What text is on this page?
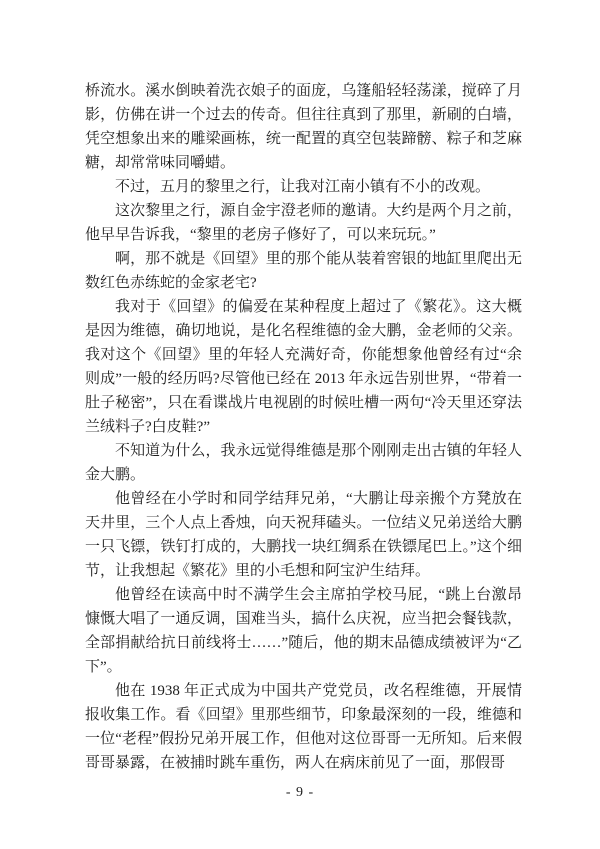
桥流水。溪水倒映着洗衣娘子的面庞，乌篷船轻轻荡漾，搅碎了月影，仿佛在讲一个过去的传奇。但往往真到了那里，新刷的白墙，凭空想象出来的雕梁画栋，统一配置的真空包装蹄髈、粽子和芝麻糖，却常常味同嚼蜡。

不过，五月的黎里之行，让我对江南小镇有不小的改观。

这次黎里之行，源自金宇澄老师的邀请。大约是两个月之前，他早早告诉我，“黎里的老房子修好了，可以来玩玩。”

啊，那不就是《回望》里的那个能从装着窖银的地缸里爬出无数红色赤练蛇的金家老宅?

我对于《回望》的偏爱在某种程度上超过了《繁花》。这大概是因为维德，确切地说，是化名程维德的金大鹏，金老师的父亲。我对这个《回望》里的年轻人充满好奇，你能想象他曾经有过“余则成”一般的经历吗?尽管他已经在 2013 年永远告别世界，“带着一肚子秘密”，只在看谍战片电视剧的时候吐槽一两句“冷天里还穿法兰绒料子?白皮鞋?”

不知道为什么，我永远觉得维德是那个刚刚走出古镇的年轻人金大鹏。

他曾经在小学时和同学结拜兄弟，“大鹏让母亲搬个方凳放在天井里，三个人点上香烛，向天祝拜磕头。一位结义兄弟送给大鹏一只飞镖，铁钉打成的，大鹏找一块红绸系在铁镖尾巴上。”这个细节，让我想起《繁花》里的小毛想和阿宝沪生结拜。

他曾经在读高中时不满学生会主席拍学校马屁，“跳上台激昂慷慨大唱了一通反调，国难当头，搞什么庆祝，应当把会餐钱款，全部捐献给抗日前线将士……”随后，他的期末品德成绩被评为“乙下”。

他在 1938 年正式成为中国共产党党员，改名程维德，开展情报收集工作。看《回望》里那些细节，印象最深刻的一段，维德和一位“老程”假扮兄弟开展工作，但他对这位哥哥一无所知。后来假哥哥暴露，在被捕时跳车重伤，两人在病床前见了一面，那假哥

- 9 -
